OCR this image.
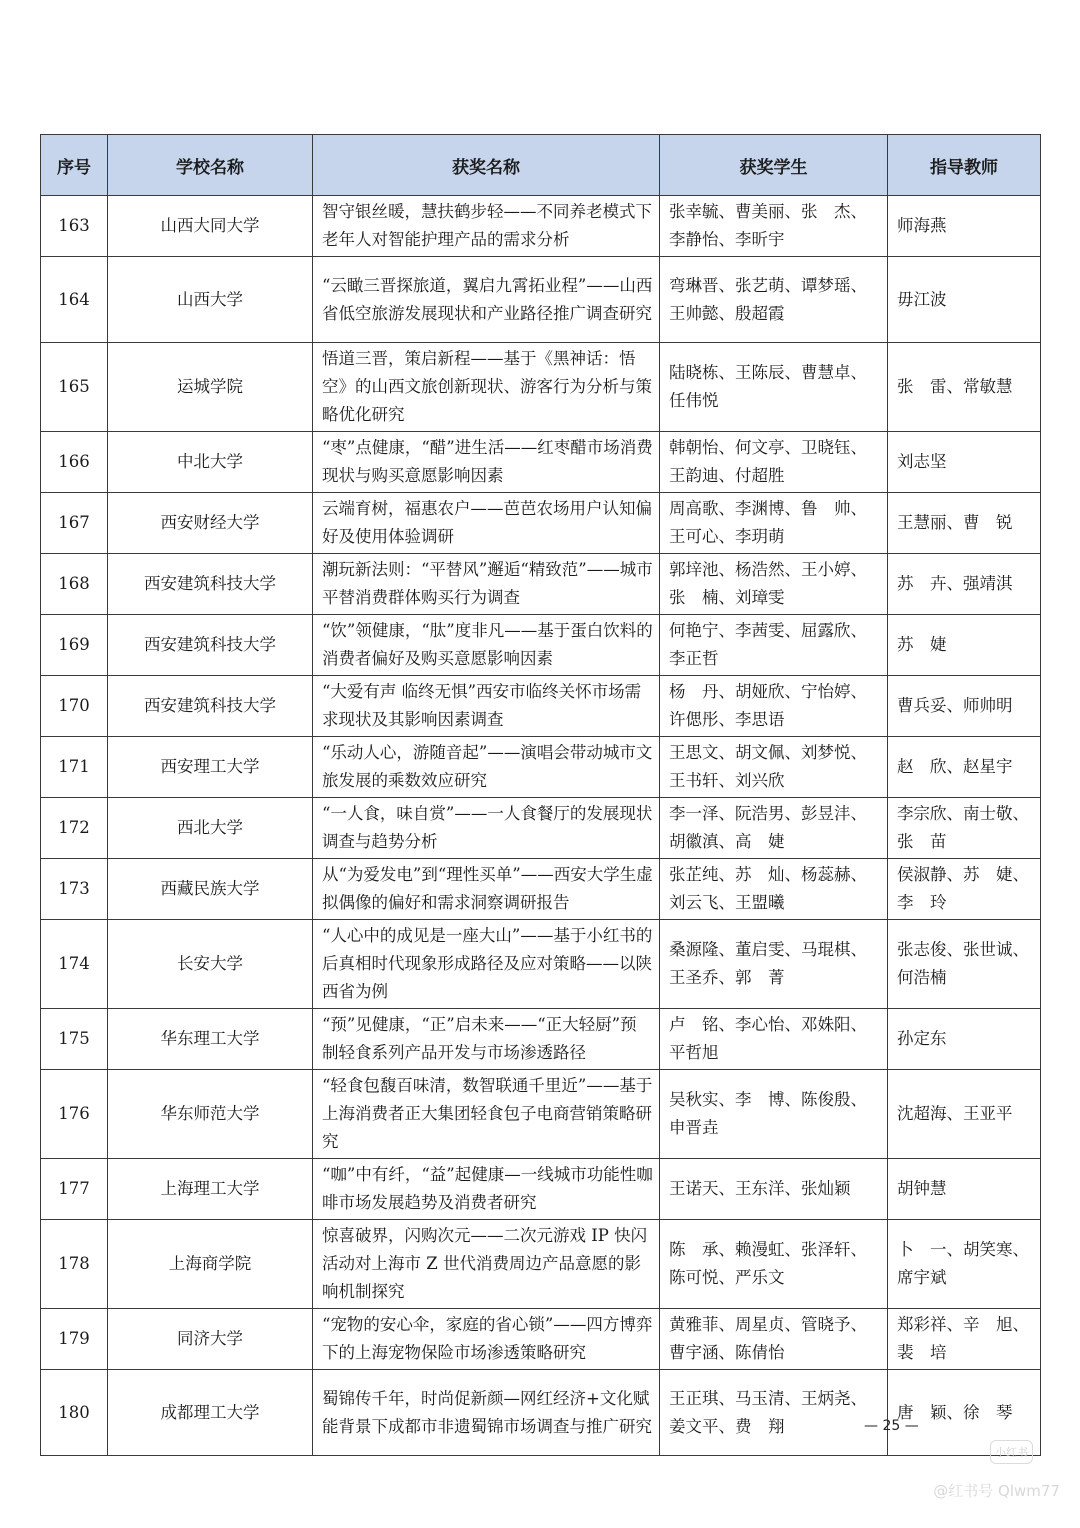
序号	学校名称	获奖名称	获奖学生	指导教师
163	山西大同大学	智守银丝暖，慧扶鹤步轻——不同养老模式下老年人对智能护理产品的需求分析	张幸毓、曹美丽、张　杰、李静怡、李昕宇	师海燕
164	山西大学	“云瞰三晋探旅道，翼启九霄拓业程”——山西省低空旅游发展现状和产业路径推广调查研究	弯琳晋、张艺萌、谭梦瑶、王帅懿、殷超霞	毋江波
165	运城学院	悟道三晋，策启新程——基于《黑神话：悟空》的山西文旅创新现状、游客行为分析与策略优化研究	陆晓栋、王陈辰、曹慧卓、任伟悦	张　雷、常敏慧
166	中北大学	“枣”点健康，“醋”进生活——红枣醋市场消费现状与购买意愿影响因素	韩朝怡、何文亭、卫晓钰、王韵迪、付超胜	刘志坚
167	西安财经大学	云端育树，福惠农户——芭芭农场用户认知偏好及使用体验调研	周高歌、李渊博、鲁　帅、王可心、李玥萌	王慧丽、曹　锐
168	西安建筑科技大学	潮玩新法则：“平替风”邂逅“精致范”——城市平替消费群体购买行为调查	郭垶池、杨浩然、王小婷、张　楠、刘璋雯	苏　卉、强靖淇
169	西安建筑科技大学	“饮”领健康，“肽”度非凡——基于蛋白饮料的消费者偏好及购买意愿影响因素	何艳宁、李茜雯、屈露欣、李正哲	苏　婕
170	西安建筑科技大学	“大爱有声 临终无惧”西安市临终关怀市场需求现状及其影响因素调查	杨　丹、胡娅欣、宁怡婷、许偲彤、李思语	曹兵妥、师帅明
171	西安理工大学	“乐动人心，游随音起”——演唱会带动城市文旅发展的乘数效应研究	王思文、胡文佩、刘梦悦、王书轩、刘兴欣	赵　欣、赵星宇
172	西北大学	“一人食，味自赏”——一人食餐厅的发展现状调查与趋势分析	李一泽、阮浩男、彭昱沣、胡徽滇、高　婕	李宗欣、南士敬、张　苗
173	西藏民族大学	从“为爱发电”到“理性买单”——西安大学生虚拟偶像的偏好和需求洞察调研报告	张芷纯、苏　灿、杨蕊赫、刘云飞、王盟曦	侯淑静、苏　婕、李　玲
174	长安大学	“人心中的成见是一座大山”——基于小红书的后真相时代现象形成路径及应对策略——以陕西省为例	桑源隆、董启雯、马琨棋、王圣乔、郭　菁	张志俊、张世诚、何浩楠
175	华东理工大学	“预”见健康，“正”启未来——“正大轻厨”预制轻食系列产品开发与市场渗透路径	卢　铭、李心怡、邓姝阳、平哲旭	孙定东
176	华东师范大学	“轻食包馥百味清，数智联通千里近”——基于上海消费者正大集团轻食包子电商营销策略研究	吴秋实、李　博、陈俊殷、申晋垚	沈超海、王亚平
177	上海理工大学	“咖”中有纤，“益”起健康—一线城市功能性咖啡市场发展趋势及消费者研究	王诺天、王东洋、张灿颖	胡钟慧
178	上海商学院	惊喜破界，闪购次元——二次元游戏 IP 快闪活动对上海市 Z 世代消费周边产品意愿的影响机制探究	陈　承、赖漫虹、张泽轩、陈可悦、严乐文	卜　一、胡笑寒、席宇斌
179	同济大学	“宠物的安心伞，家庭的省心锁”——四方博弈下的上海宠物保险市场渗透策略研究	黄雅菲、周星贞、管晓予、曹宇涵、陈倩怡	郑彩祥、辛　旭、裴　培
180	成都理工大学	蜀锦传千年，时尚促新颜—网红经济+文化赋能背景下成都市非遗蜀锦市场调查与推广研究	王正琪、马玉清、王炳尧、姜文平、费　翔	唐　颖、徐　琴
— 25 —
小红书
@红书号 Qlwm77
